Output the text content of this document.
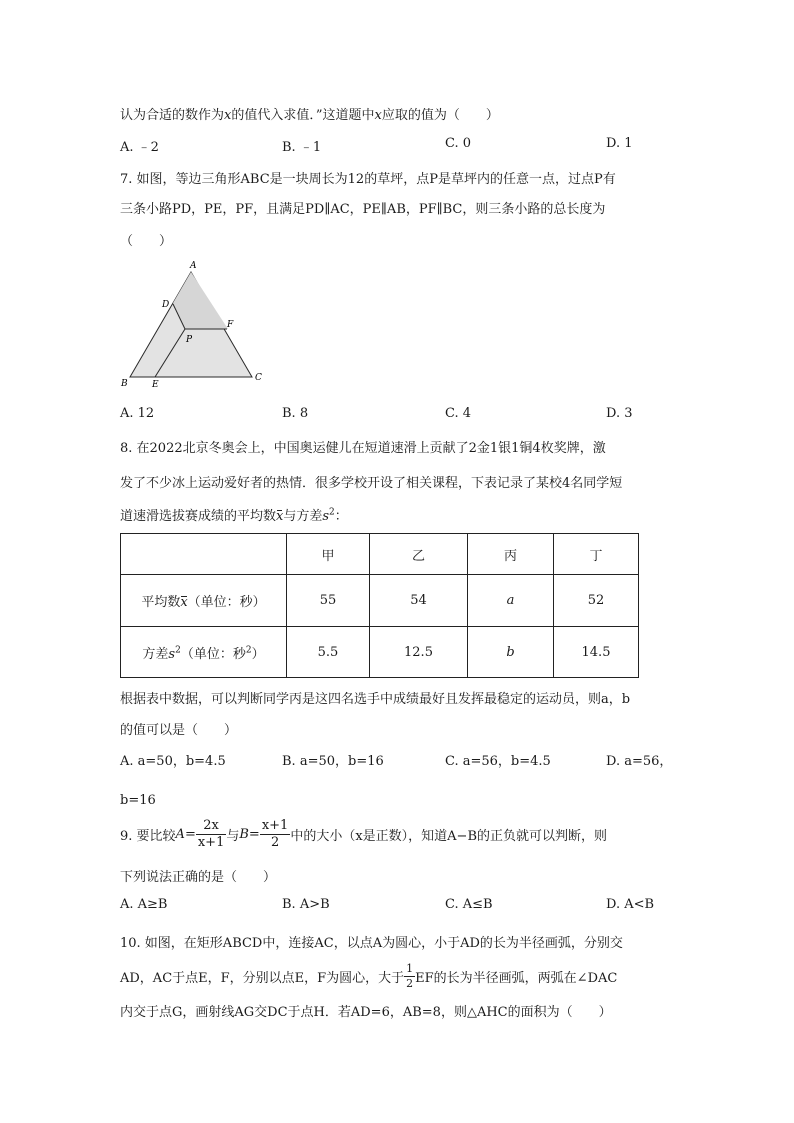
认为合适的数作为x的值代入求值．”这道题中x应取的值为（　　）
A. ﹣2	B. ﹣1	C. 0	D. 1
7. 如图，等边三角形ABC是一块周长为12的草坪，点P是草坪内的任意一点，过点P有
三条小路PD，PE，PF，且满足PD∥AC，PE∥AB，PF∥BC，则三条小路的总长度为
（　　）
A
D
F
P
B	E
C
A. 12	B. 8	C. 4	D. 3
8. 在2022北京冬奥会上，中国奥运健儿在短道速滑上贡献了2金1银1铜4枚奖牌，激
发了不少冰上运动爱好者的热情．很多学校开设了相关课程，下表记录了某校4名同学短
道速滑选拔赛成绩的平均数x与方差$s^2$：
	甲	乙	丙	丁
平均数x（单位：秒）	55	54	a	52
方差$s^2$（单位：秒$^2$）	5.5	12.5	b	14.5
根据表中数据，可以判断同学丙是这四名选手中成绩最好且发挥最稳定的运动员，则a，b
的值可以是（　　）
A. a=50，b=4.5	B. a=50，b=16	C. a=56，b=4.5	D. a=56，
b=16
9. 要比较 $A = \frac{2x}{x+1}$ 与 $B = \frac{x+1}{2}$ 中的大小（x是正数），知道A−B的正负就可以判断，则
下列说法正确的是（　　）
A. A≥B	B. A>B	C. A≤B	D. A<B
10. 如图，在矩形ABCD中，连接AC，以点A为圆心，小于AD的长为半径画弧，分别交
AD，AC于点E，F，分别以点E，F为圆心，大于 $\frac{1}{2}$ EF的长为半径画弧，两弧在∠DAC
内交于点G，画射线AG交DC于点H．若AD=6，AB=8，则△AHC的面积为（　　）
